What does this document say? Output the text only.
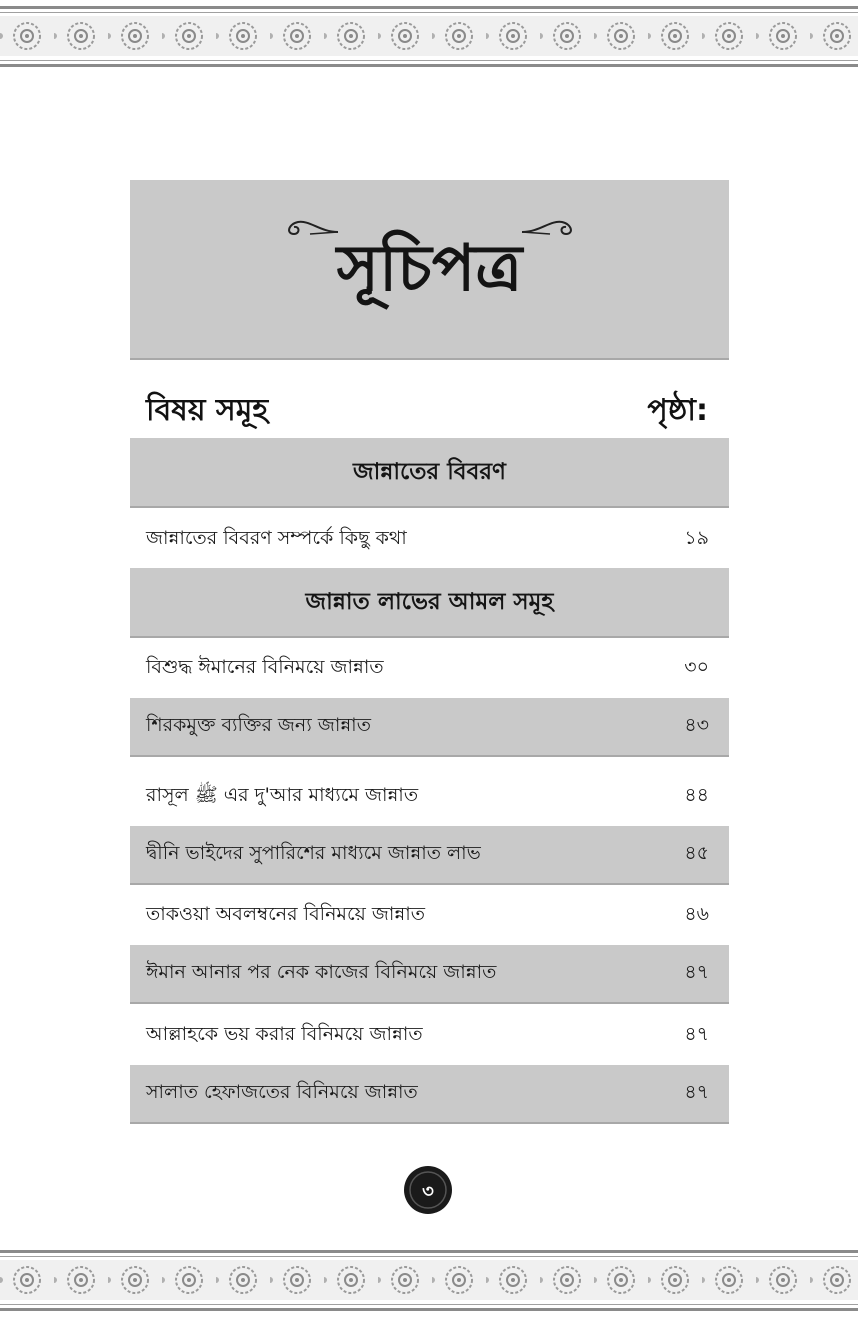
সূচিপত্র
বিষয় সমূহ	পৃষ্ঠা:
জান্নাতের বিবরণ
জান্নাতের বিবরণ সম্পর্কে কিছু কথা	১৯
জান্নাত লাভের আমল সমূহ
বিশুদ্ধ ঈমানের বিনিময়ে জান্নাত	৩০
শিরকমুক্ত ব্যক্তির জন্য জান্নাত	৪৩
রাসূল ﷺ এর দু'আর মাধ্যমে জান্নাত	৪৪
দ্বীনি ভাইদের সুপারিশের মাধ্যমে জান্নাত লাভ	৪৫
তাকওয়া অবলম্বনের বিনিময়ে জান্নাত	৪৬
ঈমান আনার পর নেক কাজের বিনিময়ে জান্নাত	৪৭
আল্লাহকে ভয় করার বিনিময়ে জান্নাত	৪৭
সালাত হেফাজতের বিনিময়ে জান্নাত	৪৭
৩
